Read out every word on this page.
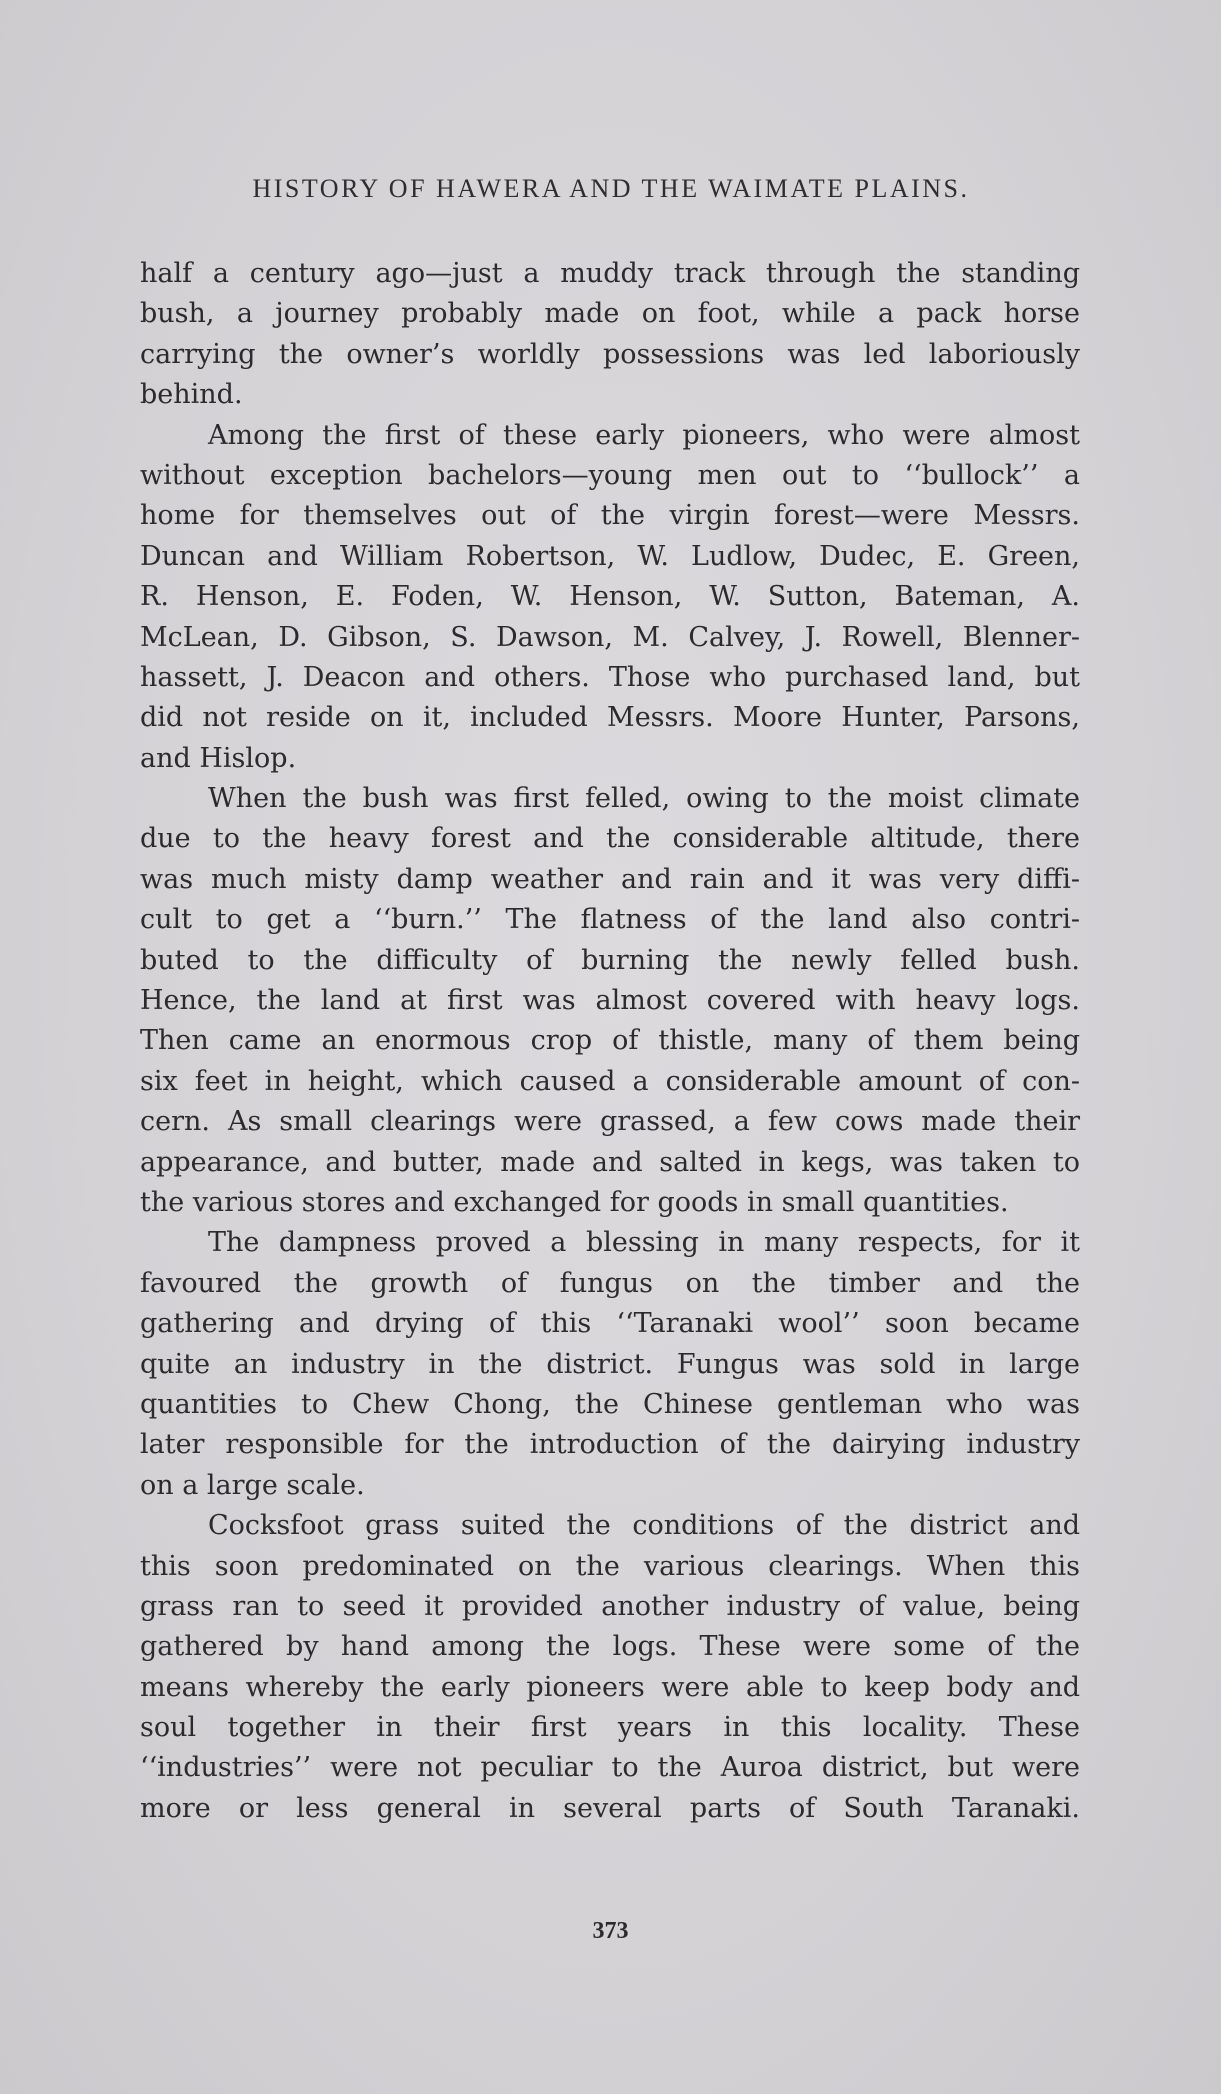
HISTORY OF HAWERA AND THE WAIMATE PLAINS.
half a century ago—just a muddy track through the standing
bush, a journey probably made on foot, while a pack horse
carrying the owner’s worldly possessions was led laboriously
behind.
Among the first of these early pioneers, who were almost
without exception bachelors—young men out to ‘‘bullock’’ a
home for themselves out of the virgin forest—were Messrs.
Duncan and William Robertson, W. Ludlow, Dudec, E. Green,
R. Henson, E. Foden, W. Henson, W. Sutton, Bateman, A.
McLean, D. Gibson, S. Dawson, M. Calvey, J. Rowell, Blenner-
hassett, J. Deacon and others. Those who purchased land, but
did not reside on it, included Messrs. Moore Hunter, Parsons,
and Hislop.
When the bush was first felled, owing to the moist climate
due to the heavy forest and the considerable altitude, there
was much misty damp weather and rain and it was very diffi-
cult to get a ‘‘burn.’’ The flatness of the land also contri-
buted to the difficulty of burning the newly felled bush.
Hence, the land at first was almost covered with heavy logs.
Then came an enormous crop of thistle, many of them being
six feet in height, which caused a considerable amount of con-
cern. As small clearings were grassed, a few cows made their
appearance, and butter, made and salted in kegs, was taken to
the various stores and exchanged for goods in small quantities.
The dampness proved a blessing in many respects, for it
favoured the growth of fungus on the timber and the
gathering and drying of this ‘‘Taranaki wool’’ soon became
quite an industry in the district. Fungus was sold in large
quantities to Chew Chong, the Chinese gentleman who was
later responsible for the introduction of the dairying industry
on a large scale.
Cocksfoot grass suited the conditions of the district and
this soon predominated on the various clearings. When this
grass ran to seed it provided another industry of value, being
gathered by hand among the logs. These were some of the
means whereby the early pioneers were able to keep body and
soul together in their first years in this locality. These
‘‘industries’’ were not peculiar to the Auroa district, but were
more or less general in several parts of South Taranaki.
373
